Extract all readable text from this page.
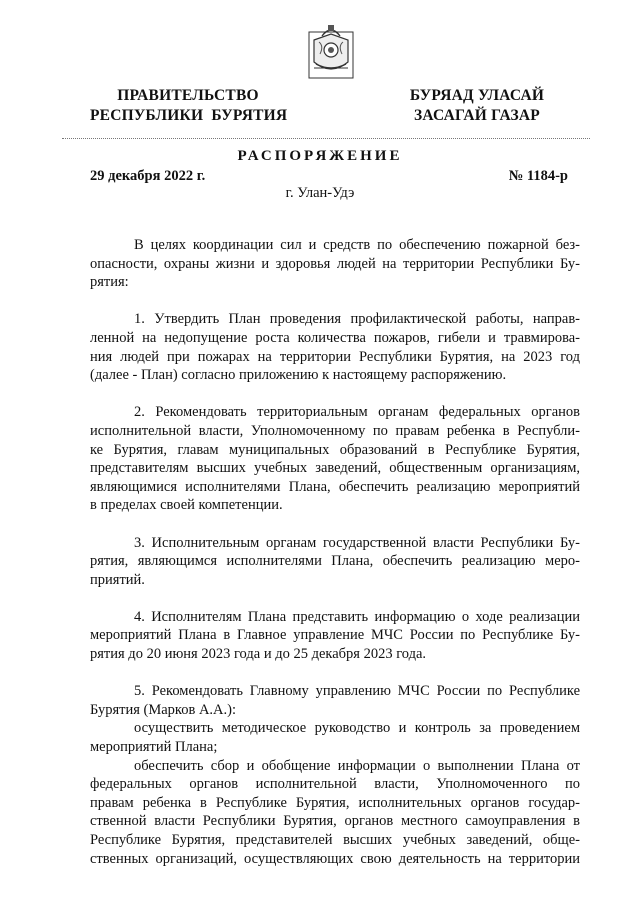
ПРАВИТЕЛЬСТВО
РЕСПУБЛИКИ  БУРЯТИЯ
БУРЯАД УЛАСАЙ
ЗАСАГАЙ ГАЗАР
РАСПОРЯЖЕНИЕ
29 декабря 2022 г.	№ 1184-р
г. Улан-Удэ

В целях координации сил и средств по обеспечению пожарной без-

опасности, охраны жизни и здоровья людей на территории Республики Бу-

рятия:

1. Утвердить План проведения профилактической работы, направ-

ленной на недопущение роста количества пожаров, гибели и травмирова-

ния людей при пожарах на территории Республики Бурятия, на 2023 год

(далее - План) согласно приложению к настоящему распоряжению.

2. Рекомендовать территориальным органам федеральных органов

исполнительной власти, Уполномоченному по правам ребенка в Республи-

ке Бурятия, главам муниципальных образований в Республике Бурятия,

представителям высших учебных заведений, общественным организациям,

являющимися исполнителями Плана, обеспечить реализацию мероприятий

в пределах своей компетенции.

3. Исполнительным органам государственной власти Республики Бу-

рятия, являющимся исполнителями Плана, обеспечить реализацию меро-

приятий.

4. Исполнителям Плана представить информацию о ходе реализации

мероприятий Плана в Главное управление МЧС России по Республике Бу-

рятия до 20 июня 2023 года и до 25 декабря 2023 года.

5. Рекомендовать Главному управлению МЧС России по Республике

Бурятия (Марков А.А.):

осуществить методическое руководство и контроль за проведением

мероприятий Плана;

обеспечить сбор и обобщение информации о выполнении Плана от

федеральных органов исполнительной власти, Уполномоченного по

правам ребенка в Республике Бурятия, исполнительных органов государ-

ственной власти Республики Бурятия, органов местного самоуправления в

Республике Бурятия, представителей высших учебных заведений, обще-

ственных организаций, осуществляющих свою деятельность на территории
